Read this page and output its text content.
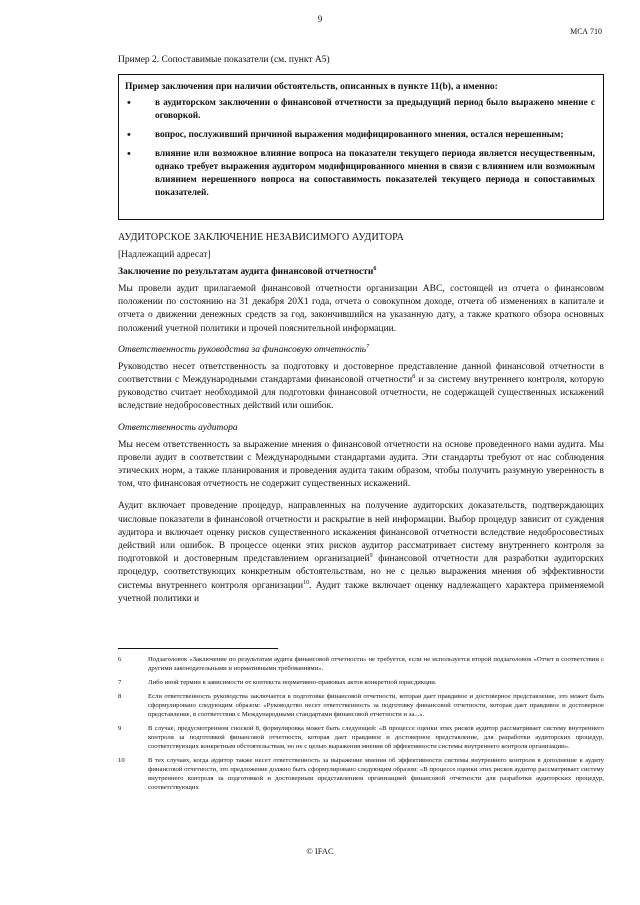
9
МСА 710
Пример 2. Сопоставимые показатели (см. пункт A5)
Пример заключения при наличии обстоятельств, описанных в пункте 11(b), а именно:
• в аудиторском заключении о финансовой отчетности за предыдущий период было выражено мнение с оговоркой.
• вопрос, послуживший причиной выражения модифицированного мнения, остался нерешенным;
• влияние или возможное влияние вопроса на показатели текущего периода является несущественным, однако требует выражения аудитором модифицированного мнения в связи с влиянием или возможным влиянием нерешенного вопроса на сопоставимость показателей текущего периода и сопоставимых показателей.
АУДИТОРСКОЕ ЗАКЛЮЧЕНИЕ НЕЗАВИСИМОГО АУДИТОРА
[Надлежащий адресат]
Заключение по результатам аудита финансовой отчетности$^6$

Мы провели аудит прилагаемой финансовой отчетности организации ABC, состоящей из отчета о финансовом положении по состоянию на 31 декабря 20X1 года, отчета о совокупном доходе, отчета об изменениях в капитале и отчета о движении денежных средств за год, закончившийся на указанную дату, а также краткого обзора основных положений учетной политики и прочей пояснительной информации.

Ответственность руководства за финансовую отчетность$^7$

Руководство несет ответственность за подготовку и достоверное представление данной финансовой отчетности в соответствии с Международными стандартами финансовой отчетности$^8$ и за систему внутреннего контроля, которую руководство считает необходимой для подготовки финансовой отчетности, не содержащей существенных искажений вследствие недобросовестных действий или ошибок.

Ответственность аудитора

Мы несем ответственность за выражение мнения о финансовой отчетности на основе проведенного нами аудита. Мы провели аудит в соответствии с Международными стандартами аудита. Эти стандарты требуют от нас соблюдения этических норм, а также планирования и проведения аудита таким образом, чтобы получить разумную уверенность в том, что финансовая отчетность не содержит существенных искажений.

Аудит включает проведение процедур, направленных на получение аудиторских доказательств, подтверждающих числовые показатели в финансовой отчетности и раскрытие в ней информации. Выбор процедур зависит от суждения аудитора и включает оценку рисков существенного искажения финансовой отчетности вследствие недобросовестных действий или ошибок. В процессе оценки этих рисков аудитор рассматривает систему внутреннего контроля за подготовкой и достоверным представлением организацией$^9$ финансовой отчетности для разработки аудиторских процедур, соответствующих конкретным обстоятельствам, но не с целью выражения мнения об эффективности системы внутреннего контроля организации$^{10}$. Аудит также включает оценку надлежащего характера применяемой учетной политики и

6	Подзаголовок «Заключение по результатам аудита финансовой отчетности» не требуется, если не используется второй подзаголовок «Отчет в соответствии с другими законодательными и нормативными требованиями».
7	Либо иной термин в зависимости от контекста нормативно-правовых актов конкретной юрисдикции.
8	Если ответственность руководства заключается в подготовке финансовой отчетности, которая дает правдивое и достоверное представление, это может быть сформулировано следующим образом: «Руководство несет ответственность за подготовку финансовой отчетности, которая дает правдивое и достоверное представление, в соответствии с Международными стандартами финансовой отчетности и за...».
9	В случае, предусмотренном сноской 8, формулировка может быть следующей: «В процессе оценки этих рисков аудитор рассматривает систему внутреннего контроля за подготовкой финансовой отчетности, которая дает правдивое и достоверное представление, для разработки аудиторских процедур, соответствующих конкретным обстоятельствам, но не с целью выражения мнения об эффективности системы внутреннего контроля организации».
10	В тех случаях, когда аудитор также несет ответственность за выражение мнения об эффективности системы внутреннего контроля в дополнение к аудиту финансовой отчетности, это предложение должно быть сформулировано следующим образом: «В процессе оценки этих рисков аудитор рассматривает систему внутреннего контроля за подготовкой и достоверным представлением организацией финансовой отчетности для разработки аудиторских процедур, соответствующих
© IFAC
